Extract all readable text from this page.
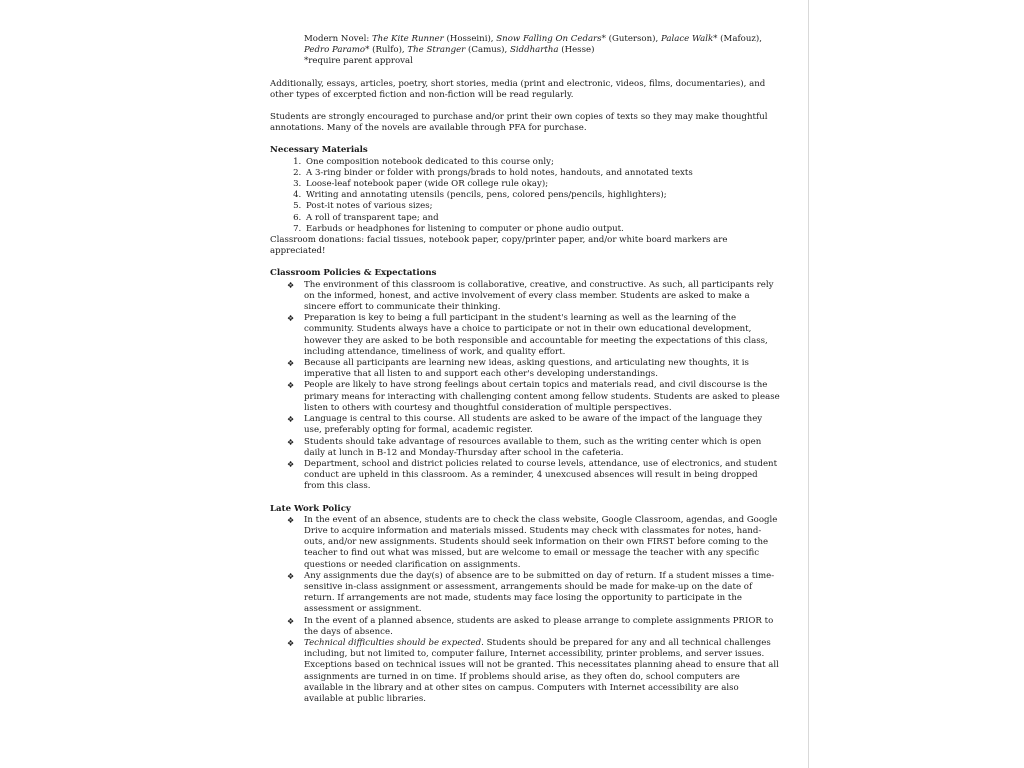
Modern Novel: The Kite Runner (Hosseini), Snow Falling On Cedars* (Guterson), Palace Walk* (Mafouz), Pedro Paramo* (Rulfo), The Stranger (Camus), Siddhartha (Hesse)

*require parent approval

Additionally, essays, articles, poetry, short stories, media (print and electronic, videos, films, documentaries), and other types of excerpted fiction and non-fiction will be read regularly.

Students are strongly encouraged to purchase and/or print their own copies of texts so they may make thoughtful annotations. Many of the novels are available through PFA for purchase.

Necessary Materials

1. One composition notebook dedicated to this course only;
2. A 3-ring binder or folder with prongs/brads to hold notes, handouts, and annotated texts
3. Loose-leaf notebook paper (wide OR college rule okay);
4. Writing and annotating utensils (pencils, pens, colored pens/pencils, highlighters);
5. Post-it notes of various sizes;
6. A roll of transparent tape; and
7. Earbuds or headphones for listening to computer or phone audio output.

Classroom donations: facial tissues, notebook paper, copy/printer paper, and/or white board markers are appreciated!

Classroom Policies & Expectations

❖ The environment of this classroom is collaborative, creative, and constructive. As such, all participants rely on the informed, honest, and active involvement of every class member. Students are asked to make a sincere effort to communicate their thinking.
❖ Preparation is key to being a full participant in the student's learning as well as the learning of the community. Students always have a choice to participate or not in their own educational development, however they are asked to be both responsible and accountable for meeting the expectations of this class, including attendance, timeliness of work, and quality effort.
❖ Because all participants are learning new ideas, asking questions, and articulating new thoughts, it is imperative that all listen to and support each other's developing understandings.
❖ People are likely to have strong feelings about certain topics and materials read, and civil discourse is the primary means for interacting with challenging content among fellow students. Students are asked to please listen to others with courtesy and thoughtful consideration of multiple perspectives.
❖ Language is central to this course. All students are asked to be aware of the impact of the language they use, preferably opting for formal, academic register.
❖ Students should take advantage of resources available to them, such as the writing center which is open daily at lunch in B-12 and Monday-Thursday after school in the cafeteria.
❖ Department, school and district policies related to course levels, attendance, use of electronics, and student conduct are upheld in this classroom. As a reminder, 4 unexcused absences will result in being dropped from this class.

Late Work Policy

❖ In the event of an absence, students are to check the class website, Google Classroom, agendas, and Google Drive to acquire information and materials missed. Students may check with classmates for notes, hand-outs, and/or new assignments. Students should seek information on their own FIRST before coming to the teacher to find out what was missed, but are welcome to email or message the teacher with any specific questions or needed clarification on assignments.
❖ Any assignments due the day(s) of absence are to be submitted on day of return. If a student misses a time-sensitive in-class assignment or assessment, arrangements should be made for make-up on the date of return. If arrangements are not made, students may face losing the opportunity to participate in the assessment or assignment.
❖ In the event of a planned absence, students are asked to please arrange to complete assignments PRIOR to the days of absence.
❖ Technical difficulties should be expected. Students should be prepared for any and all technical challenges including, but not limited to, computer failure, Internet accessibility, printer problems, and server issues. Exceptions based on technical issues will not be granted. This necessitates planning ahead to ensure that all assignments are turned in on time. If problems should arise, as they often do, school computers are available in the library and at other sites on campus. Computers with Internet accessibility are also available at public libraries.
